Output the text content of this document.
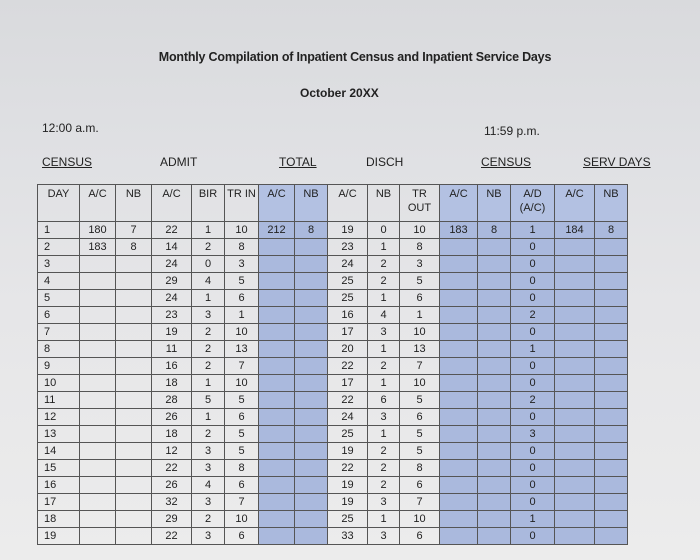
Monthly Compilation of Inpatient Census and Inpatient Service Days
October 20XX
12:00 a.m.	11:59 p.m.
CENSUS	ADMIT	TOTAL	DISCH	CENSUS	SERV DAYS
DAY	A/C	NB	A/C	BIR	TR IN	A/C	NB	A/C	NB	TR OUT	A/C	NB	A/D (A/C)	A/C	NB
1	180	7	22	1	10	212	8	19	0	10	183	8	1	184	8
2	183	8	14	2	8			23	1	8			0		
3			24	0	3			24	2	3			0		
4			29	4	5			25	2	5			0		
5			24	1	6			25	1	6			0		
6			23	3	1			16	4	1			2		
7			19	2	10			17	3	10			0		
8			11	2	13			20	1	13			1		
9			16	2	7			22	2	7			0		
10			18	1	10			17	1	10			0		
11			28	5	5			22	6	5			2		
12			26	1	6			24	3	6			0		
13			18	2	5			25	1	5			3		
14			12	3	5			19	2	5			0		
15			22	3	8			22	2	8			0		
16			26	4	6			19	2	6			0		
17			32	3	7			19	3	7			0		
18			29	2	10			25	1	10			1		
19			22	3	6			33	3	6			0		
